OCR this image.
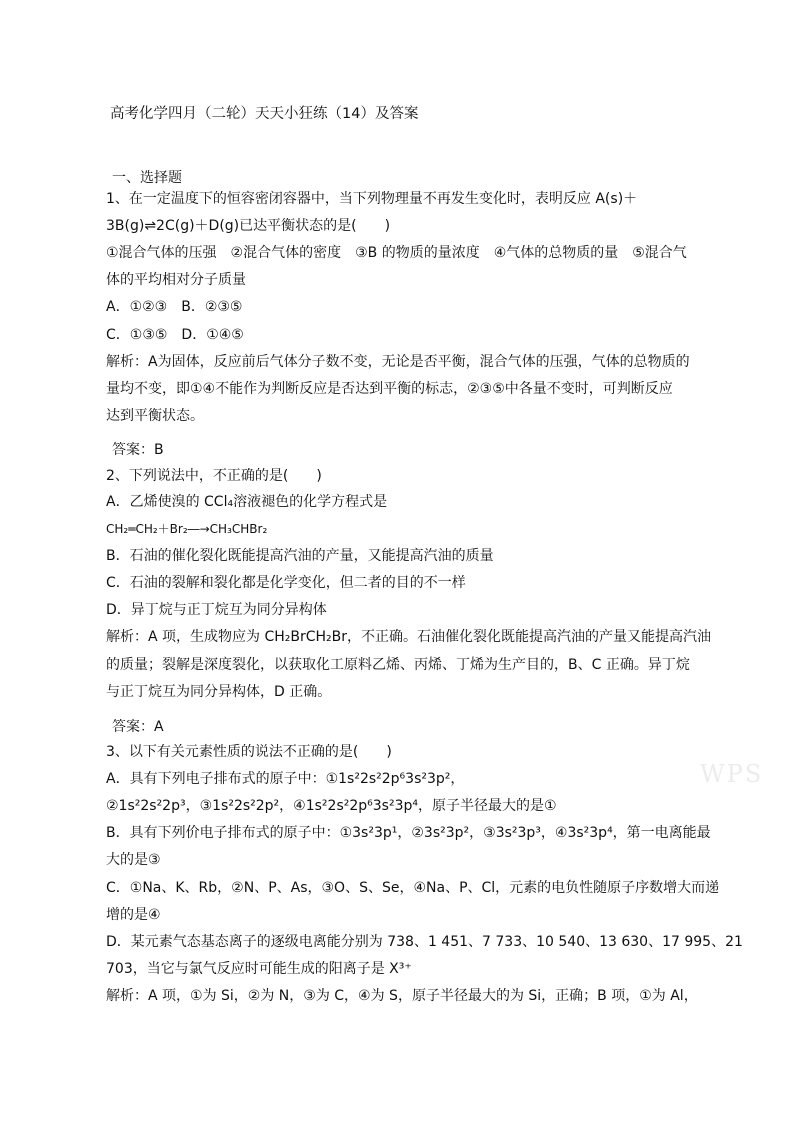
高考化学四月（二轮）天天小狂练（14）及答案
一、选择题
1、在一定温度下的恒容密闭容器中，当下列物理量不再发生变化时，表明反应 A(s)＋
3B(g)⇌2C(g)＋D(g)已达平衡状态的是(　　)
①混合气体的压强　②混合气体的密度　③B 的物质的量浓度　④气体的总物质的量　⑤混合气
体的平均相对分子质量
A．①②③　B．②③⑤
C．①③⑤　D．①④⑤
解析：A为固体，反应前后气体分子数不变，无论是否平衡，混合气体的压强，气体的总物质的
量均不变，即①④不能作为判断反应是否达到平衡的标志，②③⑤中各量不变时，可判断反应
达到平衡状态。
答案：B
2、下列说法中，不正确的是(　　)
A．乙烯使溴的 CCl₄溶液褪色的化学方程式是
CH₂═CH₂＋Br₂―→CH₃CHBr₂
B．石油的催化裂化既能提高汽油的产量，又能提高汽油的质量
C．石油的裂解和裂化都是化学变化，但二者的目的不一样
D．异丁烷与正丁烷互为同分异构体
解析：A 项，生成物应为 CH₂BrCH₂Br，不正确。石油催化裂化既能提高汽油的产量又能提高汽油
的质量；裂解是深度裂化，以获取化工原料乙烯、丙烯、丁烯为生产目的，B、C 正确。异丁烷
与正丁烷互为同分异构体，D 正确。
答案：A
3、以下有关元素性质的说法不正确的是(　　)
A．具有下列电子排布式的原子中：①1s²2s²2p⁶3s²3p²，
②1s²2s²2p³，③1s²2s²2p²，④1s²2s²2p⁶3s²3p⁴，原子半径最大的是①
B．具有下列价电子排布式的原子中：①3s²3p¹，②3s²3p²，③3s²3p³，④3s²3p⁴，第一电离能最
大的是③
C．①Na、K、Rb，②N、P、As，③O、S、Se，④Na、P、Cl，元素的电负性随原子序数增大而递
增的是④
D．某元素气态基态离子的逐级电离能分别为 738、1 451、7 733、10 540、13 630、17 995、21
703，当它与氯气反应时可能生成的阳离子是 X³⁺
解析：A 项，①为 Si，②为 N，③为 C，④为 S，原子半径最大的为 Si，正确；B 项，①为 Al，
WPS
